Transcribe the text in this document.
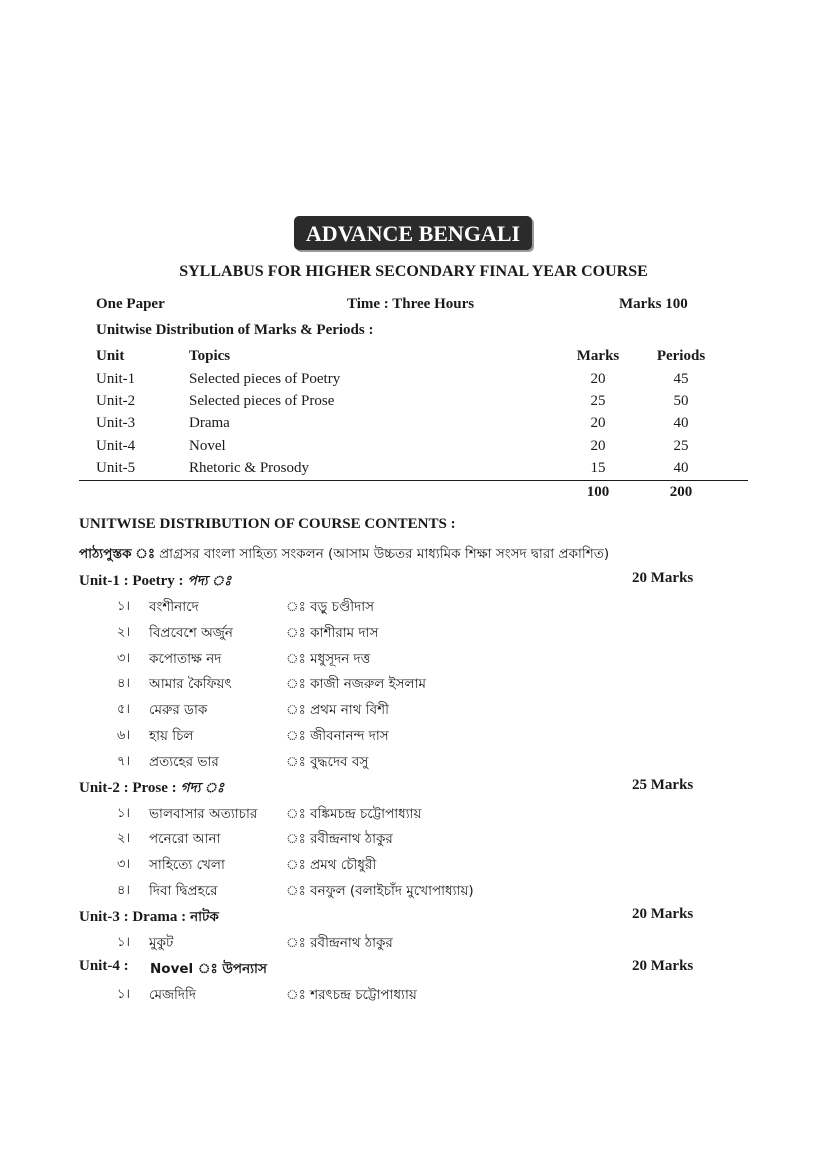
ADVANCE BENGALI
SYLLABUS FOR HIGHER SECONDARY FINAL YEAR COURSE
One Paper	Time : Three Hours	Marks 100
Unitwise Distribution of Marks & Periods :
Unit	Topics	Marks	Periods
Unit-1	Selected pieces of Poetry	20	45
Unit-2	Selected pieces of Prose	25	50
Unit-3	Drama	20	40
Unit-4	Novel	20	25
Unit-5	Rhetoric & Prosody	15	40
100	200
UNITWISE DISTRIBUTION OF COURSE CONTENTS :
পাঠ্যপুস্তক ঃ প্রাগ্রসর বাংলা সাহিত্য সংকলন (আসাম উচ্চতর মাধ্যমিক শিক্ষা সংসদ দ্বারা প্রকাশিত)
Unit-1 : Poetry : পদ্য ঃ	20 Marks
১। বংশীনাদে	ঃ বড়ু চণ্ডীদাস
২। বিপ্রবেশে অর্জুন	ঃ কাশীরাম দাস
৩। কপোতাক্ষ নদ	ঃ মধুসূদন দত্ত
৪। আমার কৈফিয়ৎ	ঃ কাজী নজরুল ইসলাম
৫। মেরুর ডাক	ঃ প্রথম নাথ বিশী
৬। হায় চিল	ঃ জীবনানন্দ দাস
৭। প্রত্যহের ভার	ঃ বুদ্ধদেব বসু
Unit-2 : Prose : গদ্য ঃ	25 Marks
১। ভালবাসার অত্যাচার ঃ বঙ্কিমচন্দ্র চট্টোপাধ্যায়
২। পনেরো আনা	ঃ রবীন্দ্রনাথ ঠাকুর
৩। সাহিত্যে খেলা	ঃ প্রমথ চৌধুরী
৪। দিবা দ্বিপ্রহরে	ঃ বনফুল (বলাইচাঁদ মুখোপাধ্যায়)
Unit-3 : Drama : নাটক	20 Marks
১। মুকুট	ঃ রবীন্দ্রনাথ ঠাকুর
Unit-4 : Novel ঃ উপন্যাস	20 Marks
১। মেজদিদি	ঃ শরৎচন্দ্র চট্টোপাধ্যায়
